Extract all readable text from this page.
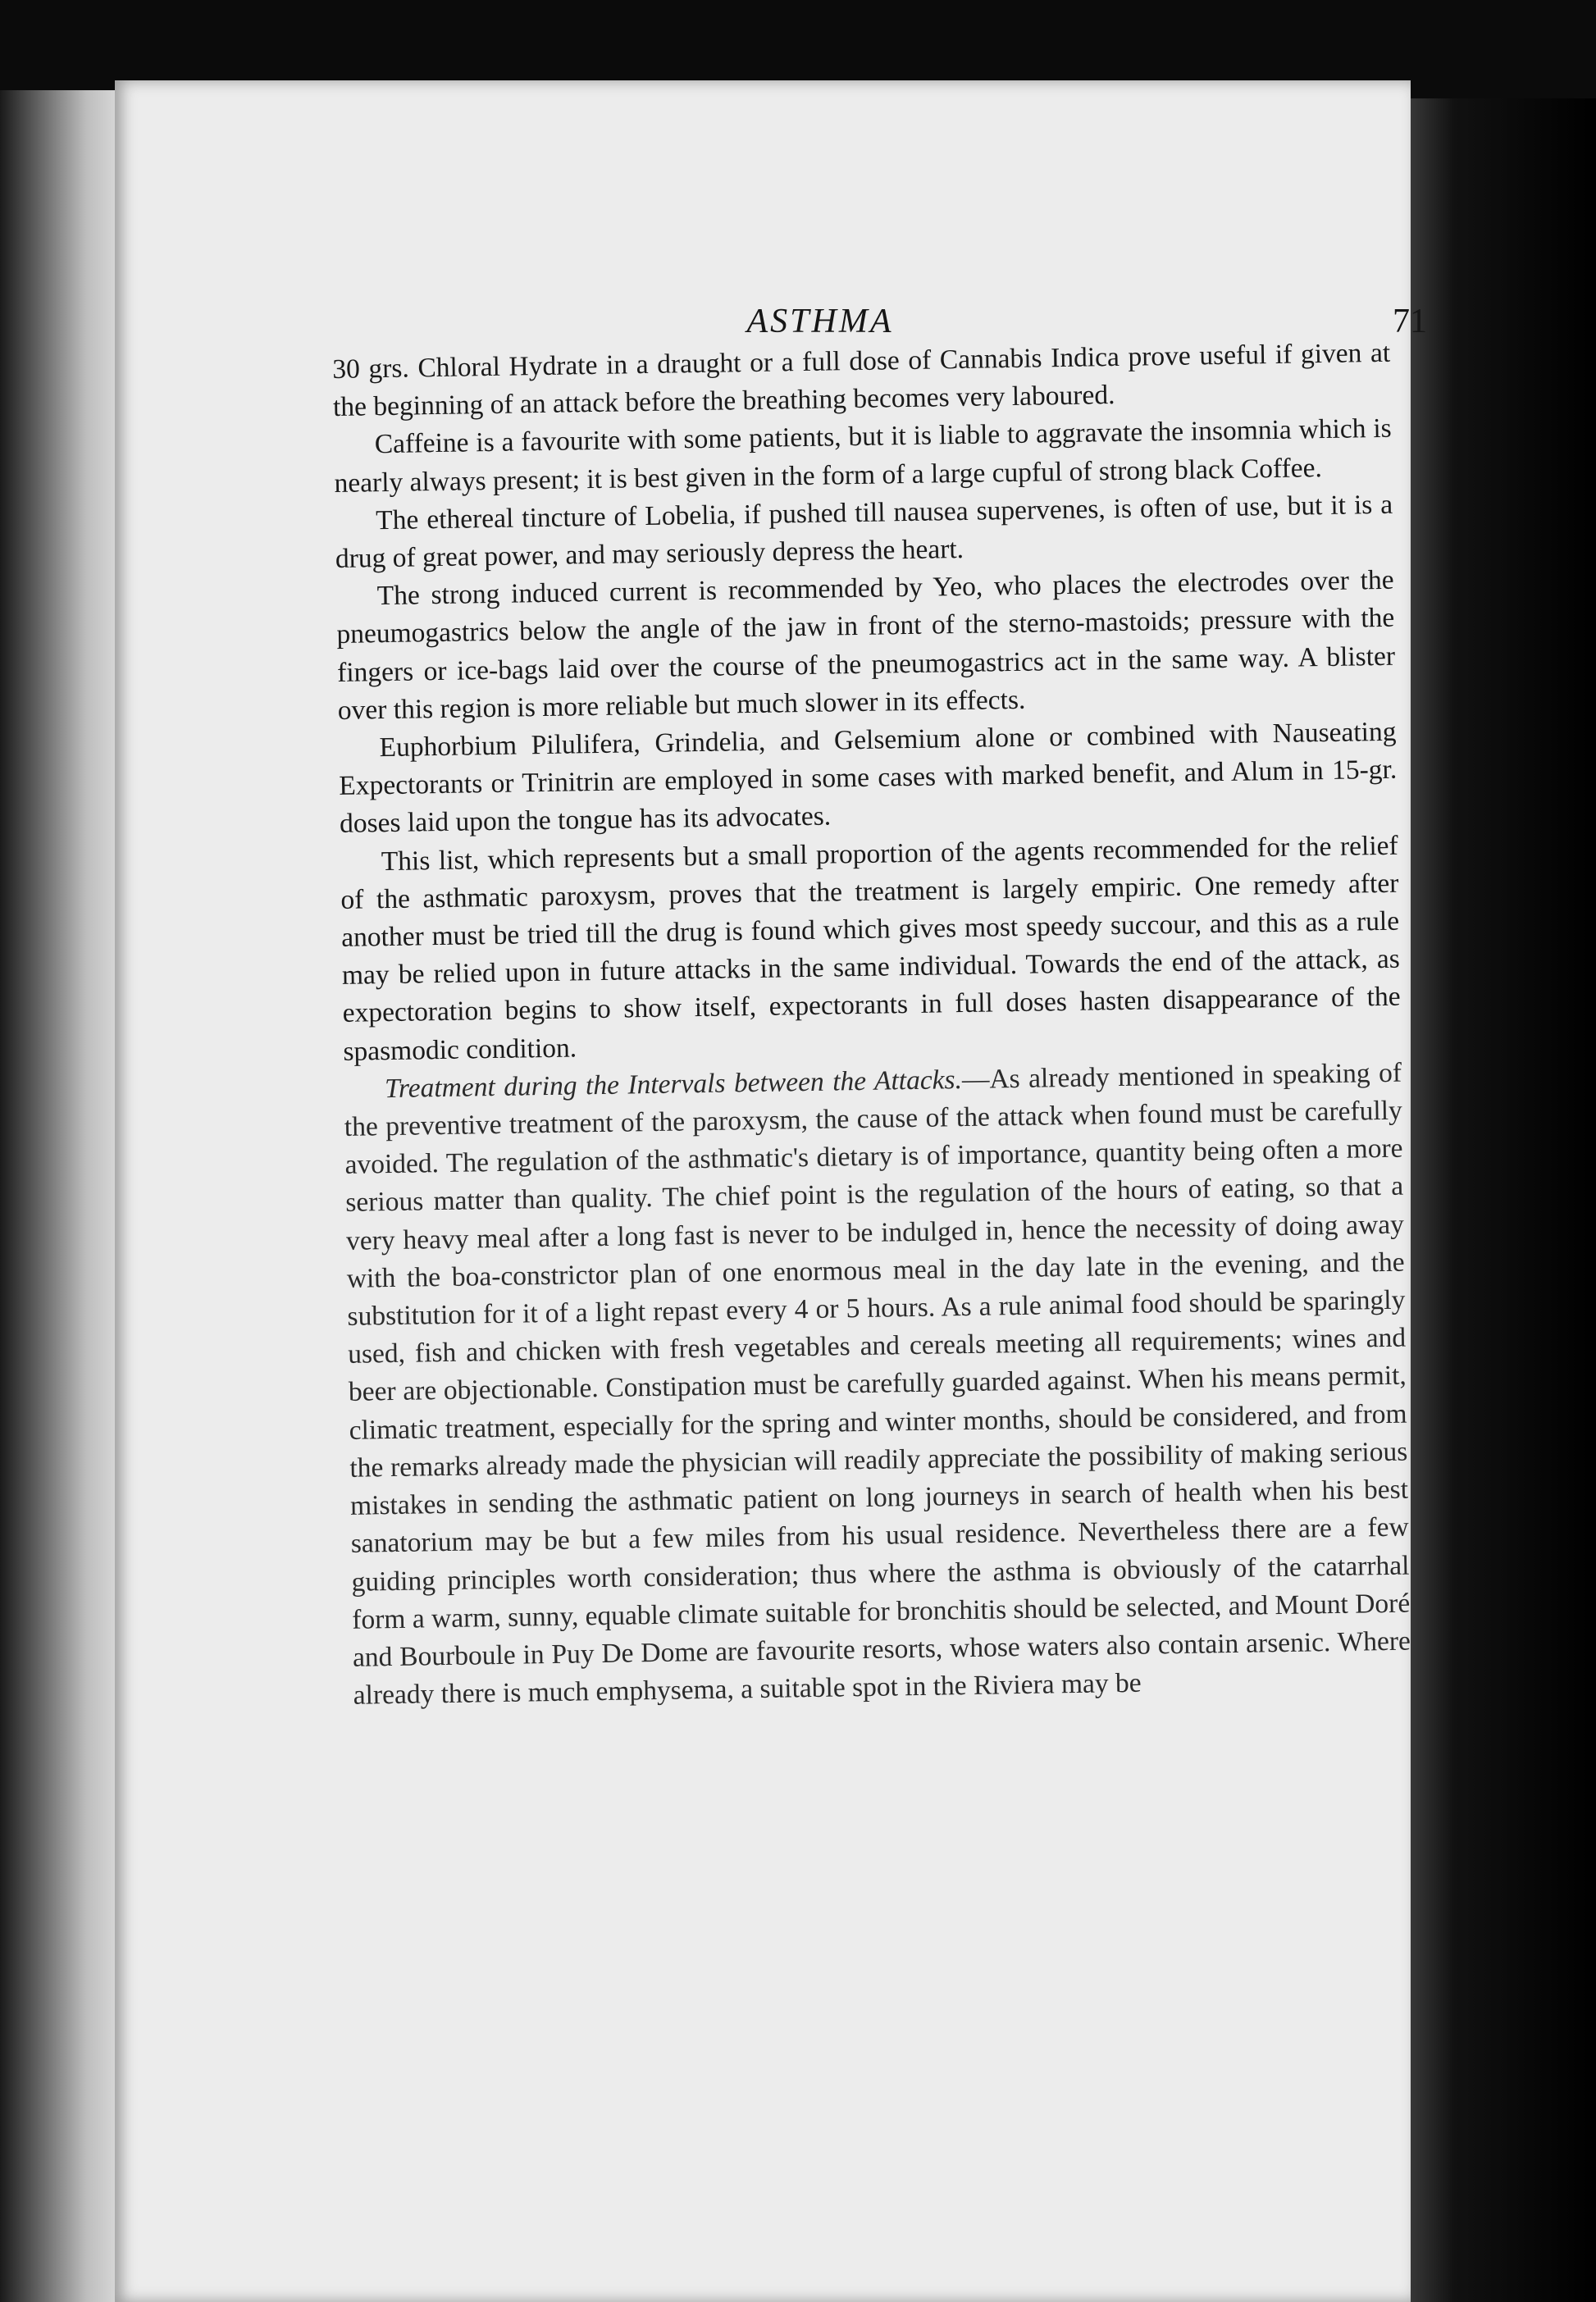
ASTHMA	71

30 grs. Chloral Hydrate in a draught or a full dose of Cannabis Indica prove useful if given at the beginning of an attack before the breathing becomes very laboured.

Caffeine is a favourite with some patients, but it is liable to aggravate the insomnia which is nearly always present; it is best given in the form of a large cupful of strong black Coffee.

The ethereal tincture of Lobelia, if pushed till nausea supervenes, is often of use, but it is a drug of great power, and may seriously depress the heart.

The strong induced current is recommended by Yeo, who places the electrodes over the pneumogastrics below the angle of the jaw in front of the sterno-mastoids; pressure with the fingers or ice-bags laid over the course of the pneumogastrics act in the same way. A blister over this region is more reliable but much slower in its effects.

Euphorbium Pilulifera, Grindelia, and Gelsemium alone or combined with Nauseating Expectorants or Trinitrin are employed in some cases with marked benefit, and Alum in 15-gr. doses laid upon the tongue has its advocates.

This list, which represents but a small proportion of the agents recommended for the relief of the asthmatic paroxysm, proves that the treatment is largely empiric. One remedy after another must be tried till the drug is found which gives most speedy succour, and this as a rule may be relied upon in future attacks in the same individual. Towards the end of the attack, as expectoration begins to show itself, expectorants in full doses hasten disappearance of the spasmodic condition.

Treatment during the Intervals between the Attacks.—As already mentioned in speaking of the preventive treatment of the paroxysm, the cause of the attack when found must be carefully avoided. The regulation of the asthmatic's dietary is of importance, quantity being often a more serious matter than quality. The chief point is the regulation of the hours of eating, so that a very heavy meal after a long fast is never to be indulged in, hence the necessity of doing away with the boa-constrictor plan of one enormous meal in the day late in the evening, and the substitution for it of a light repast every 4 or 5 hours. As a rule animal food should be sparingly used, fish and chicken with fresh vegetables and cereals meeting all requirements; wines and beer are objectionable. Constipation must be carefully guarded against. When his means permit, climatic treatment, especially for the spring and winter months, should be considered, and from the remarks already made the physician will readily appreciate the possibility of making serious mistakes in sending the asthmatic patient on long journeys in search of health when his best sanatorium may be but a few miles from his usual residence. Nevertheless there are a few guiding principles worth consideration; thus where the asthma is obviously of the catarrhal form a warm, sunny, equable climate suitable for bronchitis should be selected, and Mount Doré and Bourboule in Puy De Dome are favourite resorts, whose waters also contain arsenic. Where already there is much emphysema, a suitable spot in the Riviera may be
